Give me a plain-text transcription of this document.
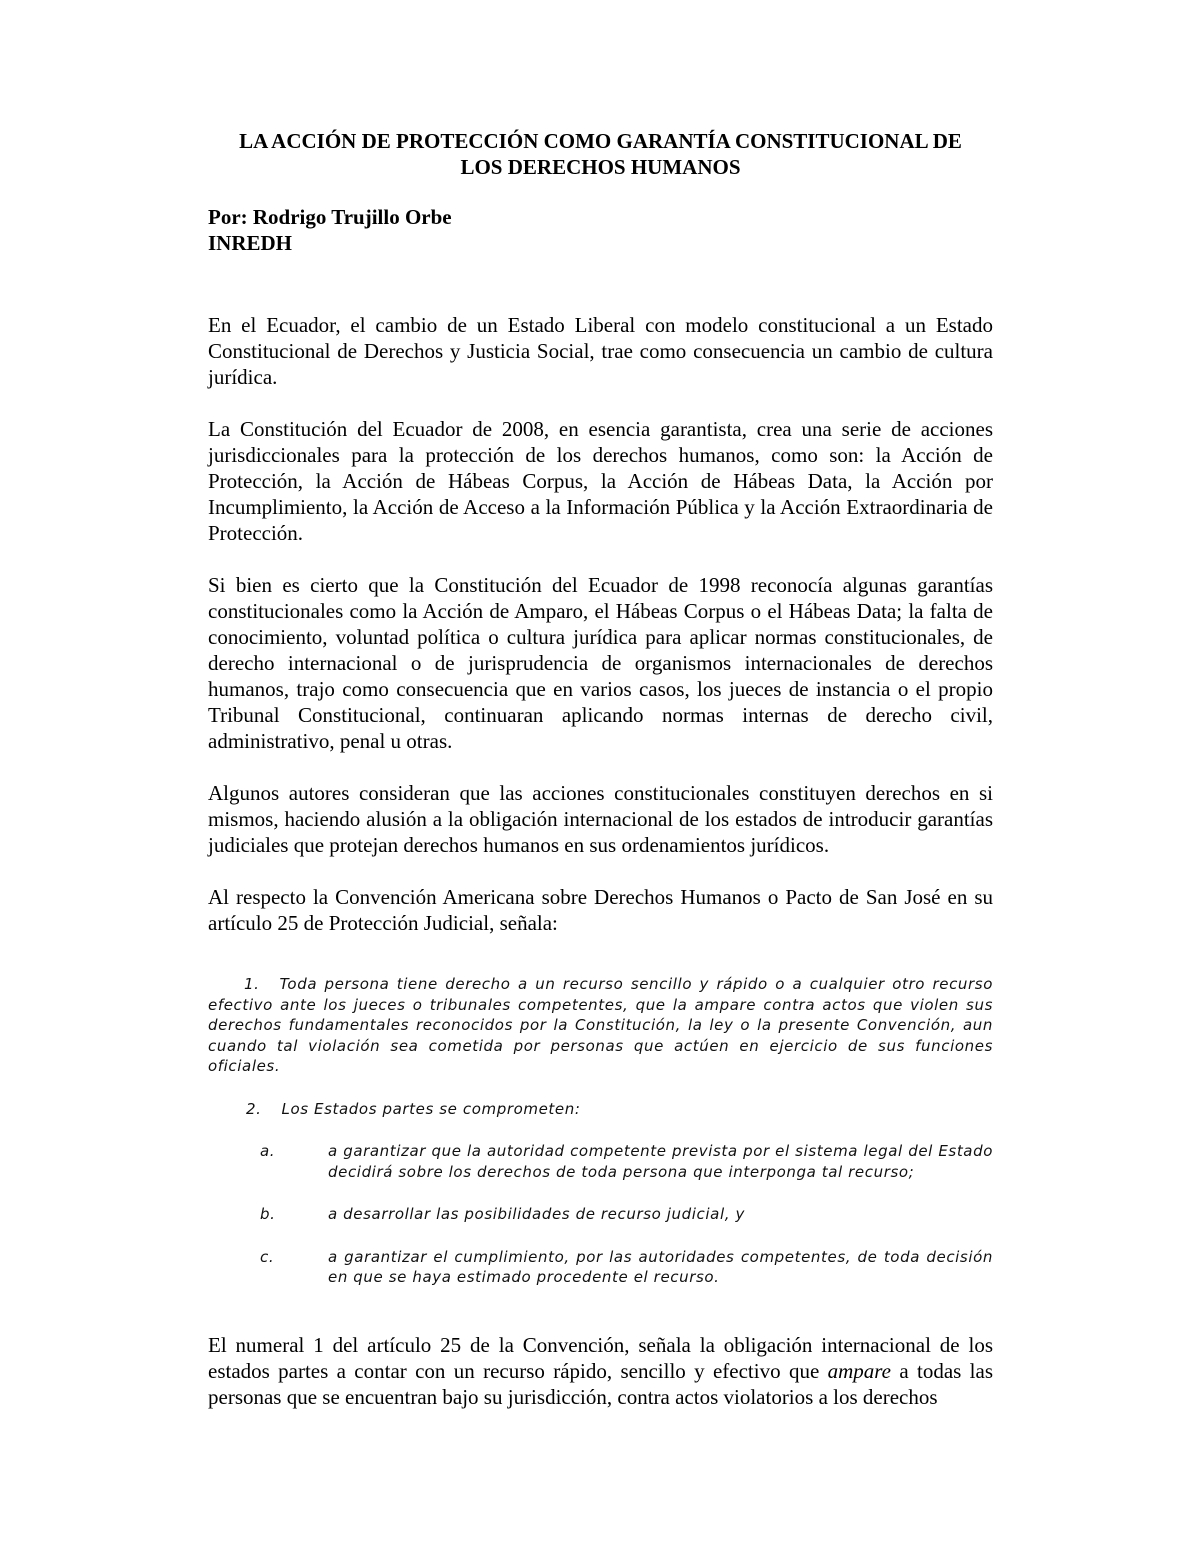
LA ACCIÓN DE PROTECCIÓN COMO GARANTÍA CONSTITUCIONAL DE
LOS DERECHOS HUMANOS
Por: Rodrigo Trujillo Orbe
INREDH

En el Ecuador, el cambio de un Estado Liberal con modelo constitucional a un Estado Constitucional de Derechos y Justicia Social, trae como consecuencia un cambio de cultura jurídica.

La Constitución del Ecuador de 2008, en esencia garantista, crea una serie de acciones jurisdiccionales para la protección de los derechos humanos, como son: la Acción de Protección, la Acción de Hábeas Corpus, la Acción de Hábeas Data, la Acción por Incumplimiento, la Acción de Acceso a la Información Pública y la Acción Extraordinaria de Protección.

Si bien es cierto que la Constitución del Ecuador de 1998 reconocía algunas garantías constitucionales como la Acción de Amparo, el Hábeas Corpus o el Hábeas Data; la falta de conocimiento, voluntad política o cultura jurídica para aplicar normas constitucionales, de derecho internacional o de jurisprudencia de organismos internacionales de derechos humanos, trajo como consecuencia que en varios casos, los jueces de instancia o el propio Tribunal Constitucional, continuaran aplicando normas internas de derecho civil, administrativo, penal u otras.

Algunos autores consideran que las acciones constitucionales constituyen derechos en si mismos, haciendo alusión a la obligación internacional de los estados de introducir garantías judiciales que protejan derechos humanos en sus ordenamientos jurídicos.

Al respecto la Convención Americana sobre Derechos Humanos o Pacto de San José en su artículo 25 de Protección Judicial, señala:

1. Toda persona tiene derecho a un recurso sencillo y rápido o a cualquier otro recurso efectivo ante los jueces o tribunales competentes, que la ampare contra actos que violen sus derechos fundamentales reconocidos por la Constitución, la ley o la presente Convención, aun cuando tal violación sea cometida por personas que actúen en ejercicio de sus funciones oficiales.
2. Los Estados partes se comprometen:
a.	a garantizar que la autoridad competente prevista por el sistema legal del Estado decidirá sobre los derechos de toda persona que interponga tal recurso;
b.	a desarrollar las posibilidades de recurso judicial, y
c.	a garantizar el cumplimiento, por las autoridades competentes, de toda decisión en que se haya estimado procedente el recurso.

El numeral 1 del artículo 25 de la Convención, señala la obligación internacional de los estados partes a contar con un recurso rápido, sencillo y efectivo que ampare a todas las personas que se encuentran bajo su jurisdicción, contra actos violatorios a los derechos
